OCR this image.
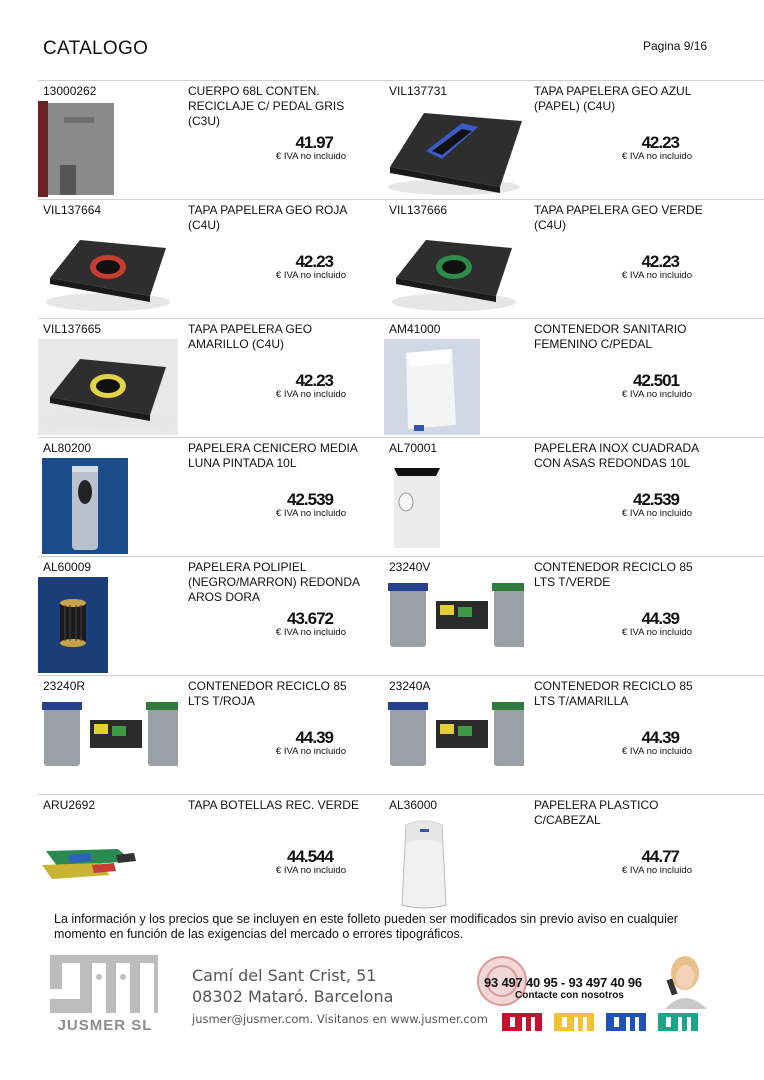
CATALOGO	Pagina 9/16
13000262	CUERPO 68L CONTEN. RECICLAJE C/ PEDAL GRIS (C3U)
41.97
€ IVA no incluido
VIL137731	TAPA PAPELERA GEO AZUL (PAPEL) (C4U)
42.23
€ IVA no incluido
VIL137664	TAPA PAPELERA GEO ROJA (C4U)
42.23
€ IVA no incluido
VIL137666	TAPA PAPELERA GEO VERDE (C4U)
42.23
€ IVA no incluido
VIL137665	TAPA PAPELERA GEO AMARILLO (C4U)
42.23
€ IVA no incluido
AM41000	CONTENEDOR SANITARIO FEMENINO C/PEDAL
42.501
€ IVA no incluido
AL80200	PAPELERA CENICERO MEDIA LUNA PINTADA 10L
42.539
€ IVA no incluido
AL70001	PAPELERA INOX CUADRADA CON ASAS REDONDAS 10L
42.539
€ IVA no incluido
AL60009	PAPELERA POLIPIEL (NEGRO/MARRON) REDONDA AROS DORA
43.672
€ IVA no incluido
23240V	CONTENEDOR RECICLO 85 LTS T/VERDE
44.39
€ IVA no incluido
23240R	CONTENEDOR RECICLO 85 LTS T/ROJA
44.39
€ IVA no incluido
23240A	CONTENEDOR RECICLO 85 LTS T/AMARILLA
44.39
€ IVA no incluido
ARU2692	TAPA BOTELLAS REC. VERDE
44.544
€ IVA no incluido
AL36000	PAPELERA PLASTICO C/CABEZAL
44.77
€ IVA no incluido
La información y los precios que se incluyen en este folleto pueden ser modificados sin previo aviso en cualquier momento en función de las exigencias del mercado o errores tipográficos.
JUSMER SL
Camí del Sant Crist, 51
08302 Mataró. Barcelona
jusmer@jusmer.com. Visitanos en www.jusmer.com
93 497 40 95 - 93 497 40 96
Contacte con nosotros
